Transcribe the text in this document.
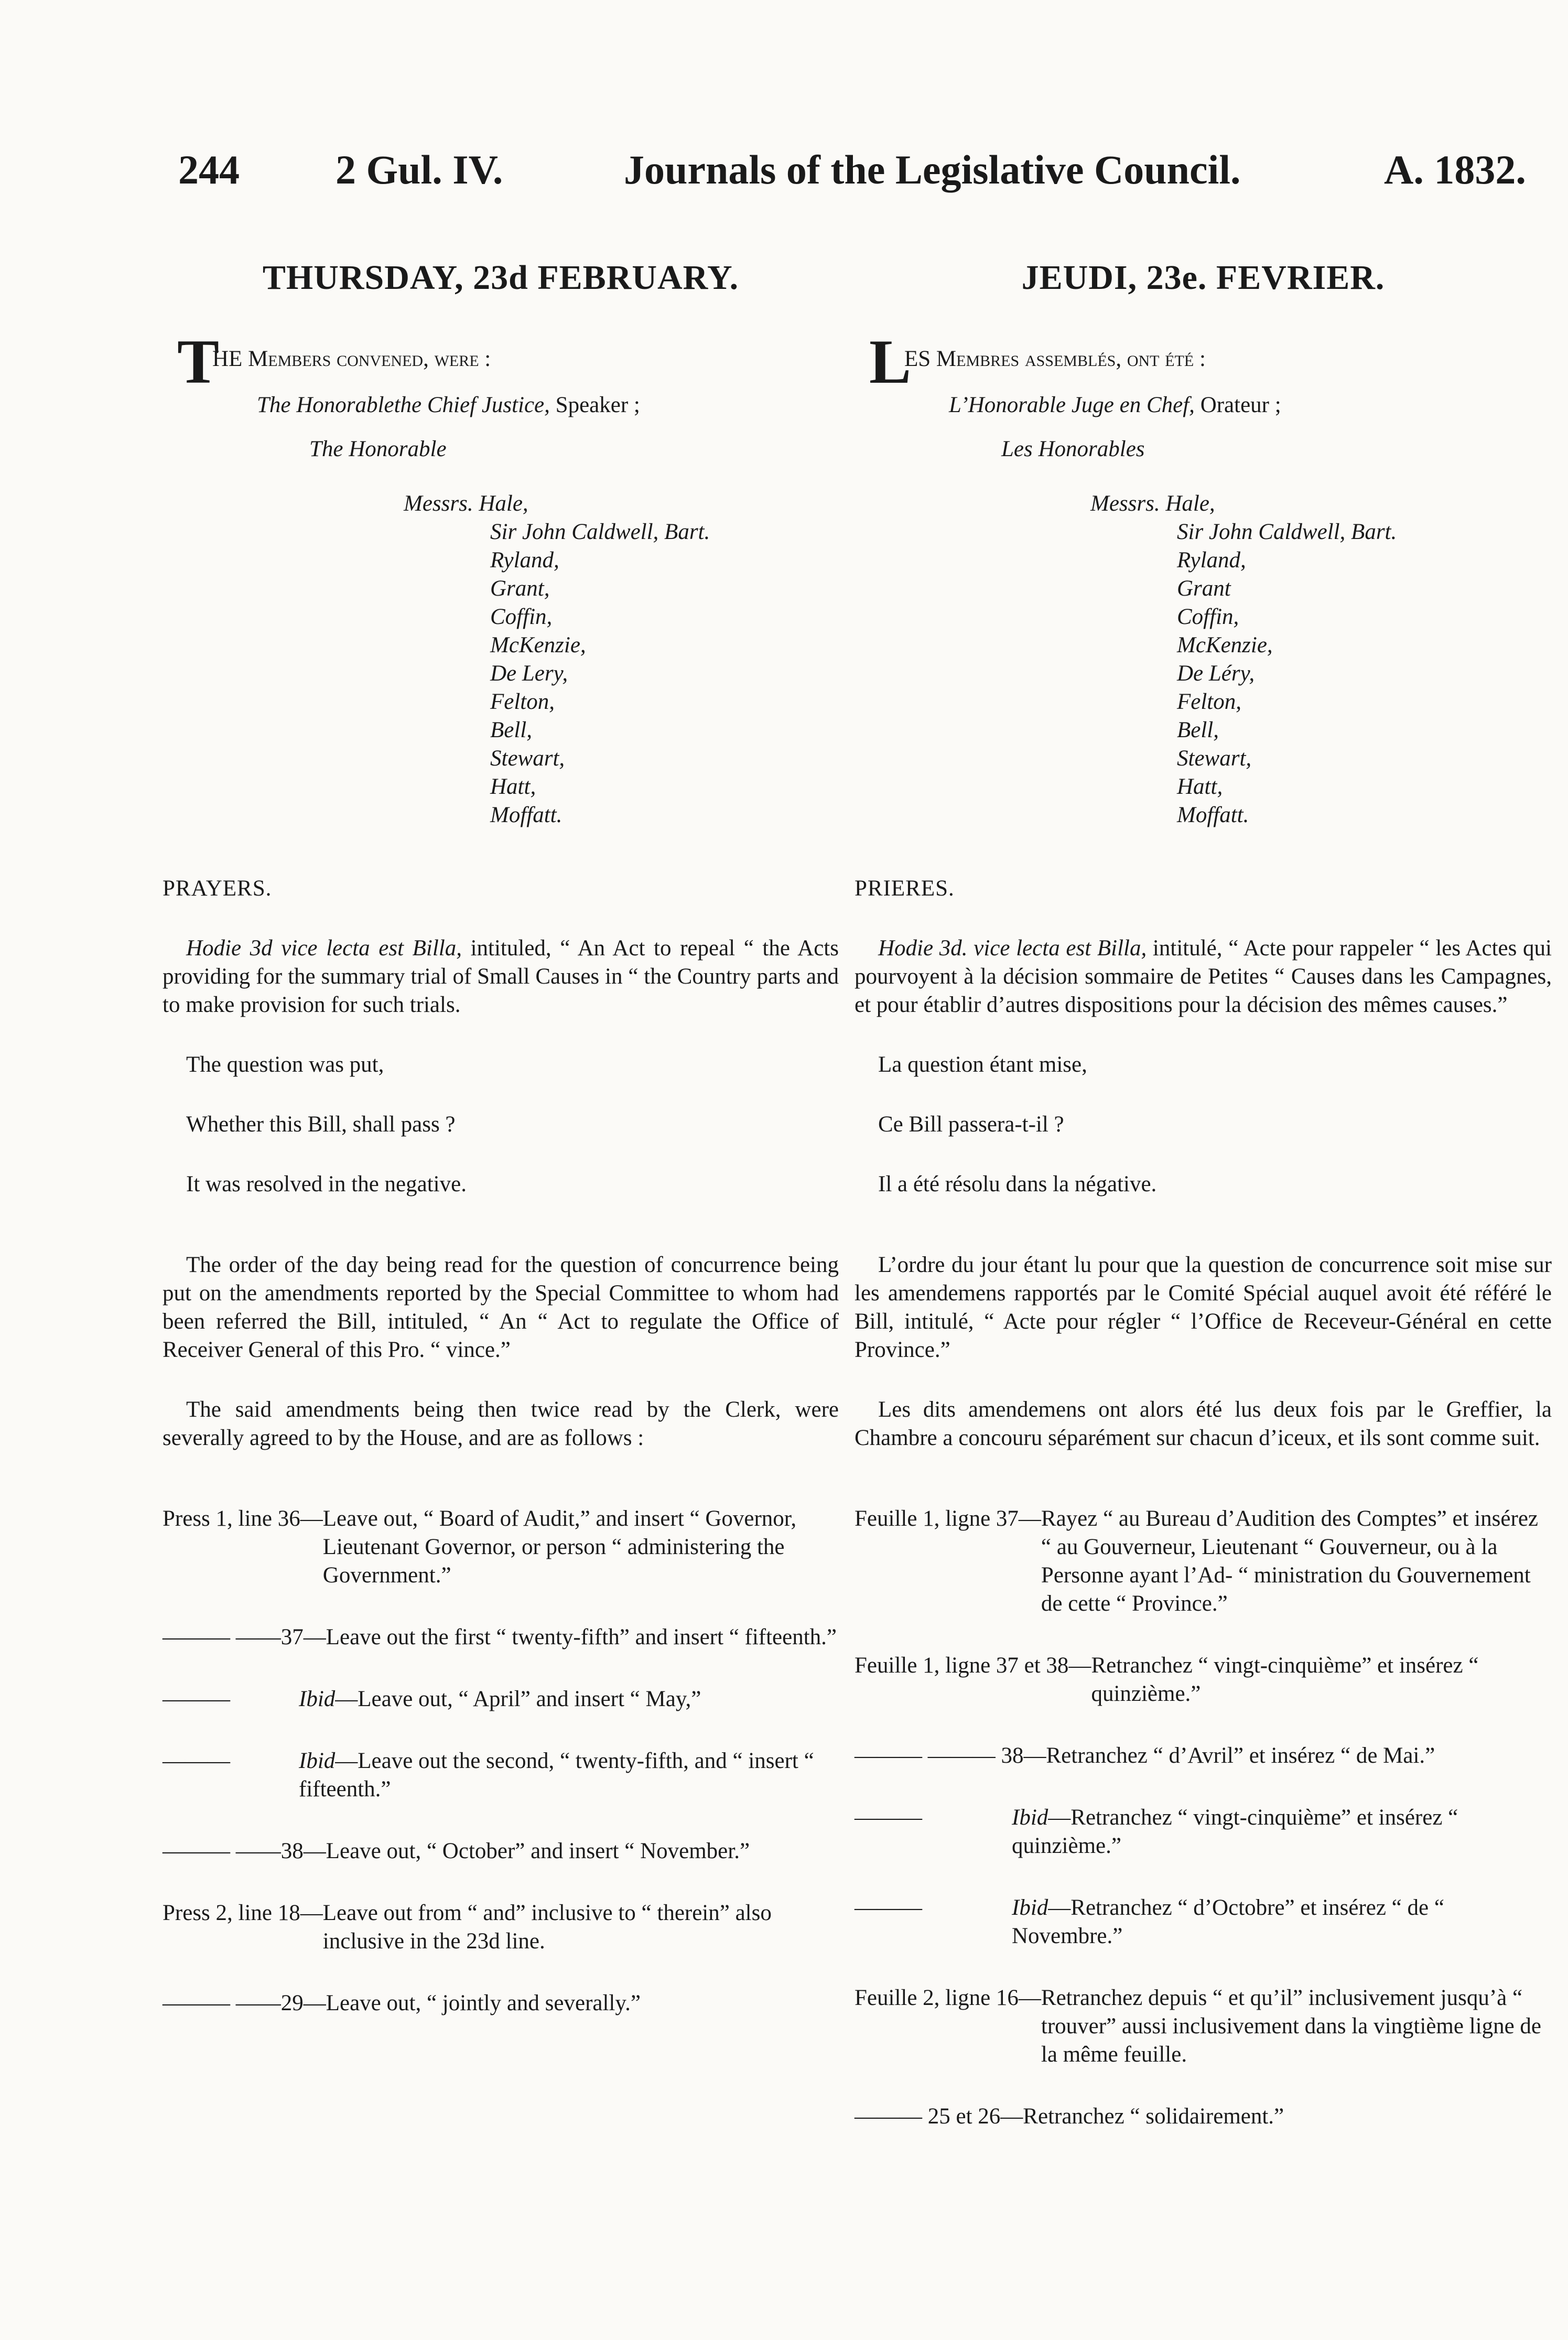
244 2 Gul. IV.	Journals of the Legislative Council.	A. 1832.
THURSDAY, 23d FEBRUARY.
T
HE Members convened, were :
The Honorablethe Chief Justice, Speaker ;
The Honorable
Messrs. Hale,
Sir John Caldwell, Bart.
Ryland,
Grant,
Coffin,
McKenzie,
De Lery,
Felton,
Bell,
Stewart,
Hatt,
Moffatt.
PRAYERS.
Hodie 3d vice lecta est Billa, intituled, “ An Act to repeal “ the Acts providing for the summary trial of Small Causes in “ the Country parts and to make provision for such trials.
The question was put,
Whether this Bill, shall pass ?
It was resolved in the negative.
The order of the day being read for the question of concurrence being put on the amendments reported by the Special Committee to whom had been referred the Bill, intituled, “ An “ Act to regulate the Office of Receiver General of this Pro. “ vince.”
The said amendments being then twice read by the Clerk, were severally agreed to by the House, and are as follows :
Press 1, line 36— Leave out, “ Board of Audit,” and insert “ Governor, Lieutenant Governor, or person “ administering the Government.”
——— ——37— Leave out the first “ twenty-fifth” and insert “ fifteenth.”
———	Ibid—Leave out, “ April” and insert “ May,”
———	Ibid—Leave out the second, “ twenty-fifth, and “ insert “ fifteenth.”
——— ——38— Leave out, “ October” and insert “ November.”
Press 2, line 18— Leave out from “ and” inclusive to “ therein” also inclusive in the 23d line.
——— ——29— Leave out, “ jointly and severally.”
JEUDI, 23e. FEVRIER.
L
ES Membres assemblés, ont été :
L’Honorable Juge en Chef, Orateur ;
Les Honorables
Messrs. Hale,
Sir John Caldwell, Bart.
Ryland,
Grant
Coffin,
McKenzie,
De Léry,
Felton,
Bell,
Stewart,
Hatt,
Moffatt.
PRIERES.
Hodie 3d. vice lecta est Billa, intitulé, “ Acte pour rappeler “ les Actes qui pourvoyent à la décision sommaire de Petites “ Causes dans les Campagnes, et pour établir d’autres dispositions pour la décision des mêmes causes.”
La question étant mise,
Ce Bill passera-t-il ?
Il a été résolu dans la négative.
L’ordre du jour étant lu pour que la question de concurrence soit mise sur les amendemens rapportés par le Comité Spécial auquel avoit été référé le Bill, intitulé, “ Acte pour régler “ l’Office de Receveur-Général en cette Province.”
Les dits amendemens ont alors été lus deux fois par le Greffier, la Chambre a concouru séparément sur chacun d’iceux, et ils sont comme suit.
Feuille 1, ligne 37— Rayez “ au Bureau d’Audition des Comptes” et insérez “ au Gouverneur, Lieutenant “ Gouverneur, ou à la Personne ayant l’Ad- “ ministration du Gouvernement de cette “ Province.”
Feuille 1, ligne 37 et 38— Retranchez “ vingt-cinquième” et insérez “ quinzième.”
——— ——— 38— Retranchez “ d’Avril” et insérez “ de Mai.”
———	Ibid—Retranchez “ vingt-cinquième” et insérez “ quinzième.”
———	Ibid—Retranchez “ d’Octobre” et insérez “ de “ Novembre.”
Feuille 2, ligne 16— Retranchez depuis “ et qu’il” inclusivement jusqu’à “ trouver” aussi inclusivement dans la vingtième ligne de la même feuille.
——— 25 et 26— Retranchez “ solidairement.”
